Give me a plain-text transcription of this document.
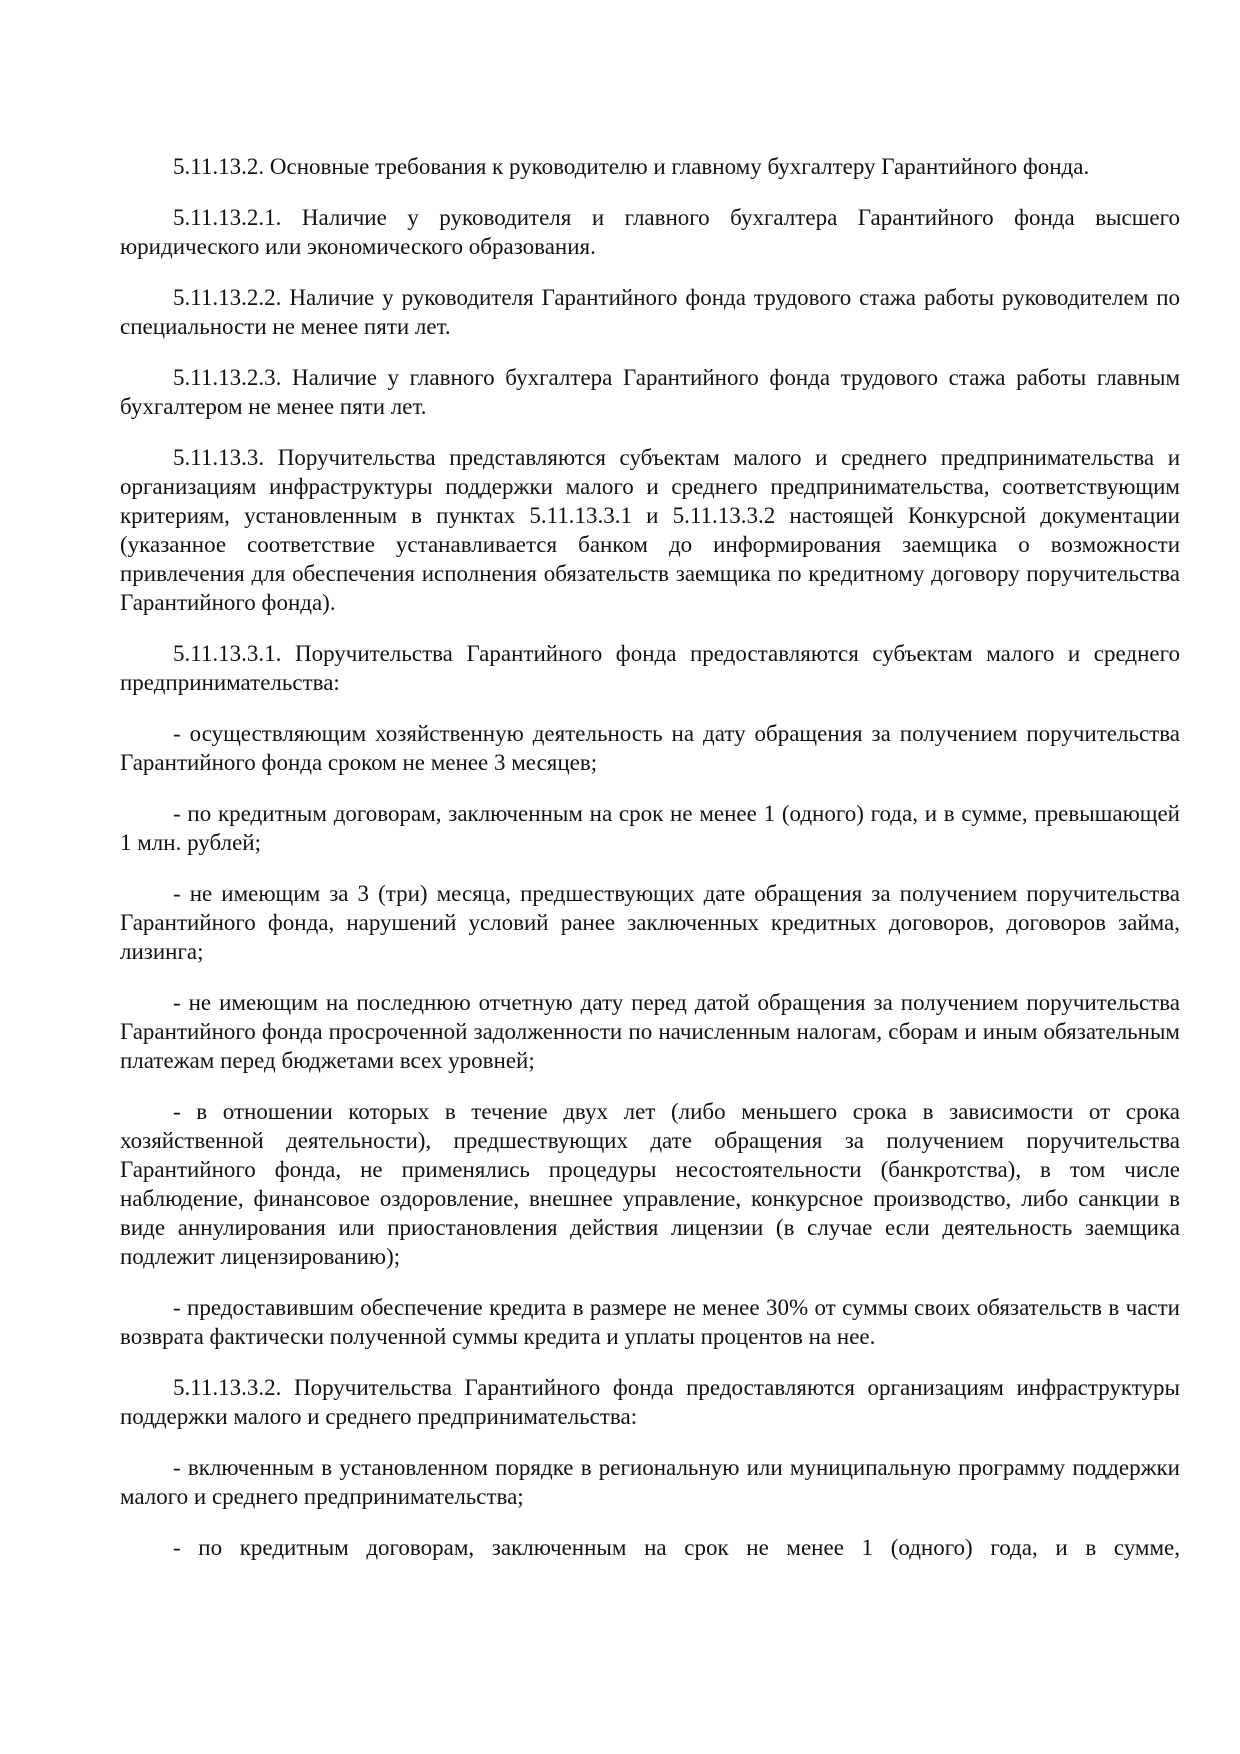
5.11.13.2. Основные требования к руководителю и главному бухгалтеру Гарантийного фонда.

5.11.13.2.1. Наличие у руководителя и главного бухгалтера Гарантийного фонда высшего юридического или экономического образования.

5.11.13.2.2. Наличие у руководителя Гарантийного фонда трудового стажа работы руководителем по специальности не менее пяти лет.

5.11.13.2.3. Наличие у главного бухгалтера Гарантийного фонда трудового стажа работы главным бухгалтером не менее пяти лет.

5.11.13.3. Поручительства представляются субъектам малого и среднего предпринимательства и организациям инфраструктуры поддержки малого и среднего предпринимательства, соответствующим критериям, установленным в пунктах 5.11.13.3.1 и 5.11.13.3.2 настоящей Конкурсной документации (указанное соответствие устанавливается банком до информирования заемщика о возможности привлечения для обеспечения исполнения обязательств заемщика по кредитному договору поручительства Гарантийного фонда).

5.11.13.3.1. Поручительства Гарантийного фонда предоставляются субъектам малого и среднего предпринимательства:

- осуществляющим хозяйственную деятельность на дату обращения за получением поручительства Гарантийного фонда сроком не менее 3 месяцев;

- по кредитным договорам, заключенным на срок не менее 1 (одного) года, и в сумме, превышающей 1 млн. рублей;

- не имеющим за 3 (три) месяца, предшествующих дате обращения за получением поручительства Гарантийного фонда, нарушений условий ранее заключенных кредитных договоров, договоров займа, лизинга;

- не имеющим на последнюю отчетную дату перед датой обращения за получением поручительства Гарантийного фонда просроченной задолженности по начисленным налогам, сборам и иным обязательным платежам перед бюджетами всех уровней;

- в отношении которых в течение двух лет (либо меньшего срока в зависимости от срока хозяйственной деятельности), предшествующих дате обращения за получением поручительства Гарантийного фонда, не применялись процедуры несостоятельности (банкротства), в том числе наблюдение, финансовое оздоровление, внешнее управление, конкурсное производство, либо санкции в виде аннулирования или приостановления действия лицензии (в случае если деятельность заемщика подлежит лицензированию);

- предоставившим обеспечение кредита в размере не менее 30% от суммы своих обязательств в части возврата фактически полученной суммы кредита и уплаты процентов на нее.

5.11.13.3.2. Поручительства Гарантийного фонда предоставляются организациям инфраструктуры поддержки малого и среднего предпринимательства:

- включенным в установленном порядке в региональную или муниципальную программу поддержки малого и среднего предпринимательства;

- по кредитным договорам, заключенным на срок не менее 1 (одного) года, и в сумме,
